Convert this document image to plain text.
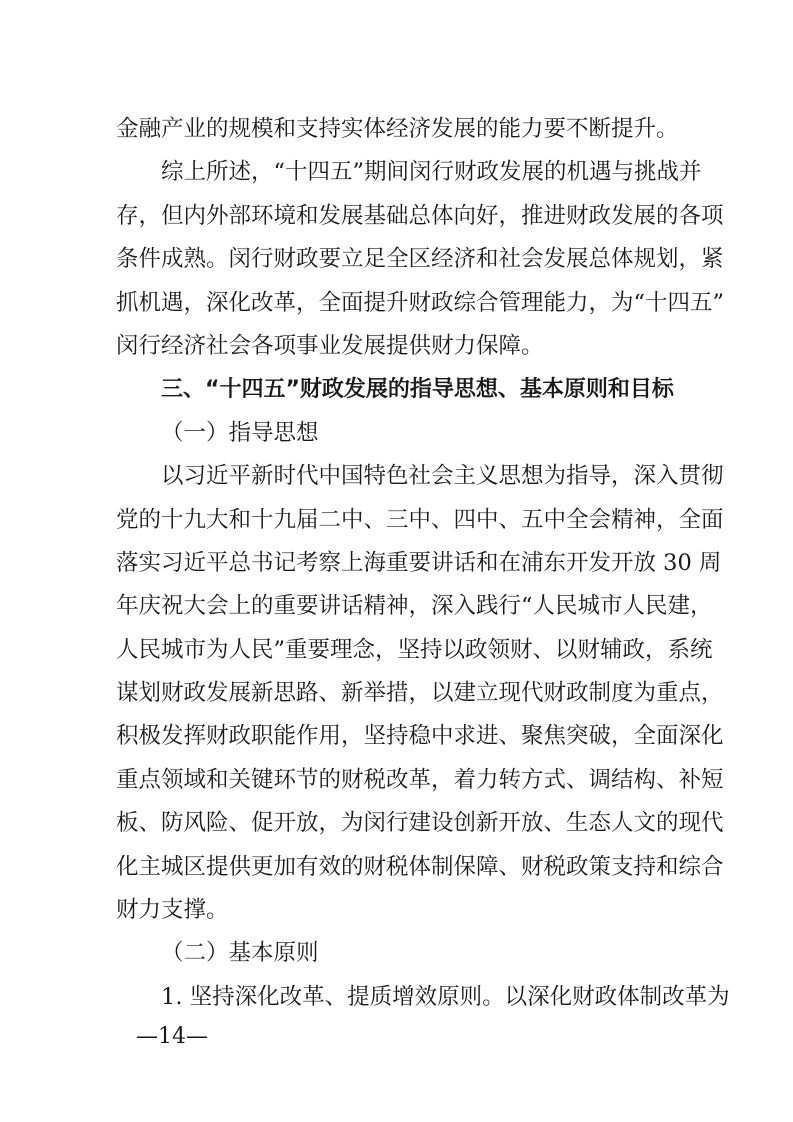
金融产业的规模和支持实体经济发展的能力要不断提升。
综上所述，“十四五”期间闵行财政发展的机遇与挑战并
存，但内外部环境和发展基础总体向好，推进财政发展的各项
条件成熟。闵行财政要立足全区经济和社会发展总体规划，紧
抓机遇，深化改革，全面提升财政综合管理能力，为“十四五”
闵行经济社会各项事业发展提供财力保障。
三、“十四五”财政发展的指导思想、基本原则和目标
（一）指导思想
以习近平新时代中国特色社会主义思想为指导，深入贯彻
党的十九大和十九届二中、三中、四中、五中全会精神，全面
落实习近平总书记考察上海重要讲话和在浦东开发开放 30 周
年庆祝大会上的重要讲话精神，深入践行“人民城市人民建，
人民城市为人民”重要理念，坚持以政领财、以财辅政，系统
谋划财政发展新思路、新举措，以建立现代财政制度为重点，
积极发挥财政职能作用，坚持稳中求进、聚焦突破，全面深化
重点领域和关键环节的财税改革，着力转方式、调结构、补短
板、防风险、促开放，为闵行建设创新开放、生态人文的现代
化主城区提供更加有效的财税体制保障、财税政策支持和综合
财力支撑。
（二）基本原则
1. 坚持深化改革、提质增效原则。以深化财政体制改革为
—14—
